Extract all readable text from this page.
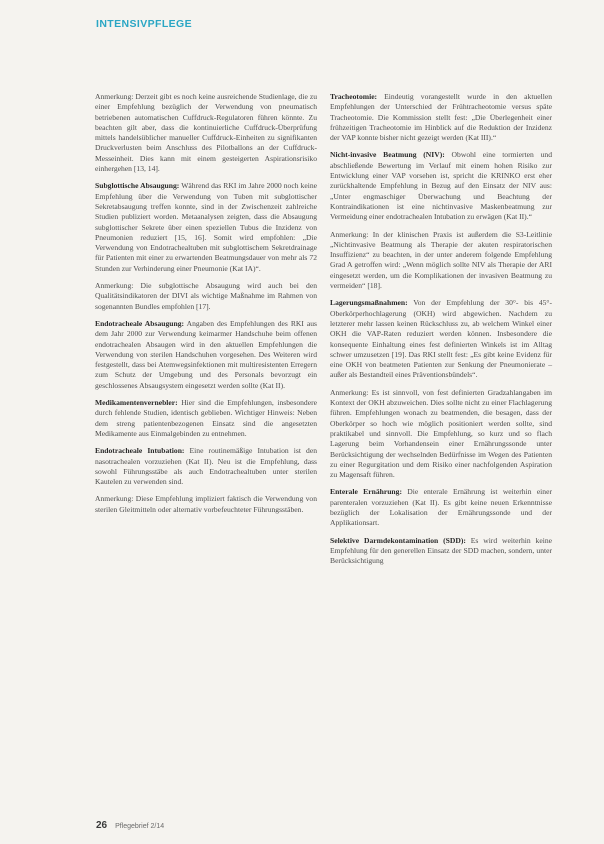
INTENSIVPFLEGE

Anmerkung: Derzeit gibt es noch keine ausreichende Studienlage, die zu einer Empfehlung bezüglich der Verwendung von pneumatisch betriebenen automatischen Cuffdruck-Regulatoren führen könnte. Zu beachten gilt aber, dass die kontinuierliche Cuffdruck-Überprüfung mittels handelsüblicher manueller Cuffdruck-Einheiten zu signifikanten Druckverlusten beim Anschluss des Pilotballons an der Cuffdruck-Messeinheit. Dies kann mit einem gesteigerten Aspirationsrisiko einhergehen [13, 14].

Subglottische Absaugung: Während das RKI im Jahre 2000 noch keine Empfehlung über die Verwendung von Tuben mit subglottischer Sekretabsaugung treffen konnte, sind in der Zwischenzeit zahlreiche Studien publiziert worden. Metaanalysen zeigten, dass die Absaugung subglottischer Sekrete über einen speziellen Tubus die Inzidenz von Pneumonien reduziert [15, 16]. Somit wird empfohlen: „Die Verwendung von Endotrachealtuben mit subglottischem Sekretdrainage für Patienten mit einer zu erwartenden Beatmungsdauer von mehr als 72 Stunden zur Verhinderung einer Pneumonie (Kat IA)“.

Anmerkung: Die subglottische Absaugung wird auch bei den Qualitätsindikatoren der DIVI als wichtige Maßnahme im Rahmen von sogenannten Bundles empfohlen [17].

Endotracheale Absaugung: Angaben des Empfehlungen des RKI aus dem Jahr 2000 zur Verwendung keimarmer Handschuhe beim offenen endotrachealen Absaugen wird in den aktuellen Empfehlungen die Verwendung von sterilen Handschuhen vorgesehen. Des Weiteren wird festgestellt, dass bei Atemwegsinfektionen mit multiresistenten Erregern zum Schutz der Umgebung und des Personals bevorzugt ein geschlossenes Absaugsystem eingesetzt werden sollte (Kat II).

Medikamentenvernebler: Hier sind die Empfehlungen, insbesondere durch fehlende Studien, identisch geblieben. Wichtiger Hinweis: Neben dem streng patientenbezogenen Einsatz sind die angesetzten Medikamente aus Einmalgebinden zu entnehmen.

Endotracheale Intubation: Eine routinemäßige Intubation ist den nasotrachealen vorzuziehen (Kat II). Neu ist die Empfehlung, dass sowohl Führungsstäbe als auch Endotrachealtuben unter sterilen Kautelen zu verwenden sind.

Anmerkung: Diese Empfehlung impliziert faktisch die Verwendung von sterilen Gleitmitteln oder alternativ vorbefeuchteter Führungsstäben.

Tracheotomie: Eindeutig vorangestellt wurde in den aktuellen Empfehlungen der Unterschied der Frühtracheotomie versus späte Tracheotomie. Die Kommission stellt fest: „Die Überlegenheit einer frühzeitigen Tracheotomie im Hinblick auf die Reduktion der Inzidenz der VAP konnte bisher nicht gezeigt werden (Kat III).“

Nicht-invasive Beatmung (NIV): Obwohl eine tormierten und abschließende Bewertung im Verlauf mit einem hohen Risiko zur Entwicklung einer VAP vorsehen ist, spricht die KRINKO erst eher zurückhaltende Empfehlung in Bezug auf den Einsatz der NIV aus: „Unter engmaschiger Überwachung und Beachtung der Kontraindikationen ist eine nichtinvasive Maskenbeatmung zur Vermeidung einer endotrachealen Intubation zu erwägen (Kat II).“

Anmerkung: In der klinischen Praxis ist außerdem die S3-Leitlinie „Nichtinvasive Beatmung als Therapie der akuten respiratorischen Insuffizienz“ zu beachten, in der unter anderem folgende Empfehlung Grad A getroffen wird: „Wenn möglich sollte NIV als Therapie der ARI eingesetzt werden, um die Komplikationen der invasiven Beatmung zu vermeiden“ [18].

Lagerungsmaßnahmen: Von der Empfehlung der 30°- bis 45°-Oberkörperhochlagerung (OKH) wird abgewichen. Nachdem zu letzterer mehr lassen keinen Rückschluss zu, ab welchem Winkel einer OKH die VAP-Raten reduziert werden können. Insbesondere die konsequente Einhaltung eines fest definierten Winkels ist im Alltag schwer umzusetzen [19]. Das RKI stellt fest: „Es gibt keine Evidenz für eine OKH von beatmeten Patienten zur Senkung der Pneumonierate – außer als Bestandteil eines Präventionsbündels“.

Anmerkung: Es ist sinnvoll, von fest definierten Gradzahlangaben im Kontext der OKH abzuweichen. Dies sollte nicht zu einer Flachlagerung führen. Empfehlungen wonach zu beatmenden, die besagen, dass der Oberkörper so hoch wie möglich positioniert werden sollte, sind praktikabel und sinnvoll. Die Empfehlung, so kurz und so flach Lagerung beim Vorhandensein einer Ernährungssonde unter Berücksichtigung der wechselnden Bedürfnisse im Wegen des Patienten zu einer Regurgitation und dem Risiko einer nachfolgenden Aspiration zu Magensaft führen.

Enterale Ernährung: Die enterale Ernährung ist weiterhin einer parenteralen vorzuziehen (Kat II). Es gibt keine neuen Erkenntnisse bezüglich der Lokalisation der Ernährungssonde und der Applikationsart.

Selektive Darmdekontamination (SDD): Es wird weiterhin keine Empfehlung für den generellen Einsatz der SDD machen, sondern, unter Berücksichtigung

26 Pflegebrief 2/14
